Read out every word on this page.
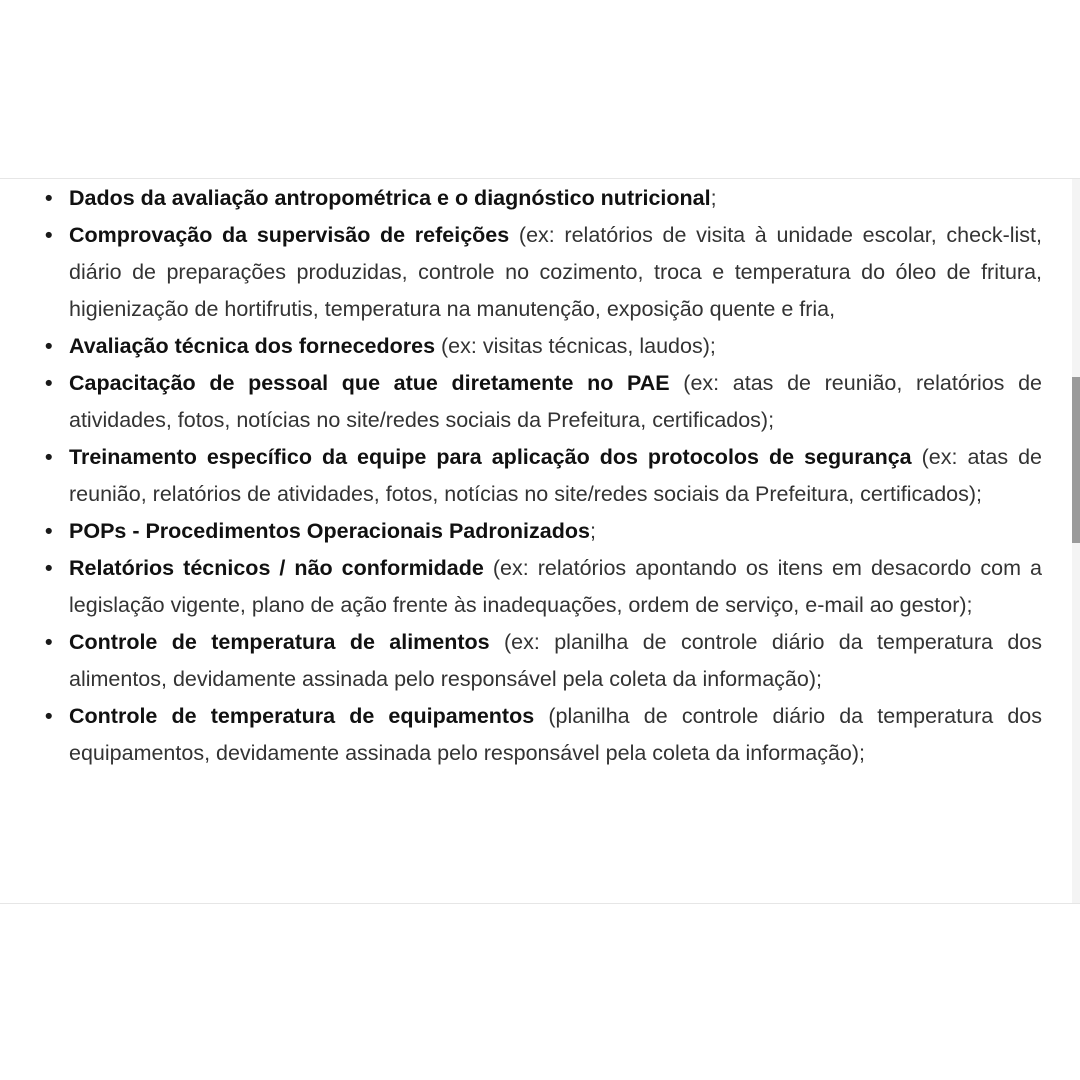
• Dados da avaliação antropométrica e o diagnóstico nutricional;
• Comprovação da supervisão de refeições (ex: relatórios de visita à unidade escolar, check-list, diário de preparações produzidas, controle no cozimento, troca e temperatura do óleo de fritura, higienização de hortifrutis, temperatura na manutenção, exposição quente e fria,
• Avaliação técnica dos fornecedores (ex: visitas técnicas, laudos);
• Capacitação de pessoal que atue diretamente no PAE (ex: atas de reunião, relatórios de atividades, fotos, notícias no site/redes sociais da Prefeitura, certificados);
• Treinamento específico da equipe para aplicação dos protocolos de segurança (ex: atas de reunião, relatórios de atividades, fotos, notícias no site/redes sociais da Prefeitura, certificados);
• POPs - Procedimentos Operacionais Padronizados;
• Relatórios técnicos / não conformidade (ex: relatórios apontando os itens em desacordo com a legislação vigente, plano de ação frente às inadequações, ordem de serviço, e-mail ao gestor);
• Controle de temperatura de alimentos (ex: planilha de controle diário da temperatura dos alimentos, devidamente assinada pelo responsável pela coleta da informação);
• Controle de temperatura de equipamentos (planilha de controle diário da temperatura dos equipamentos, devidamente assinada pelo responsável pela coleta da informação);
